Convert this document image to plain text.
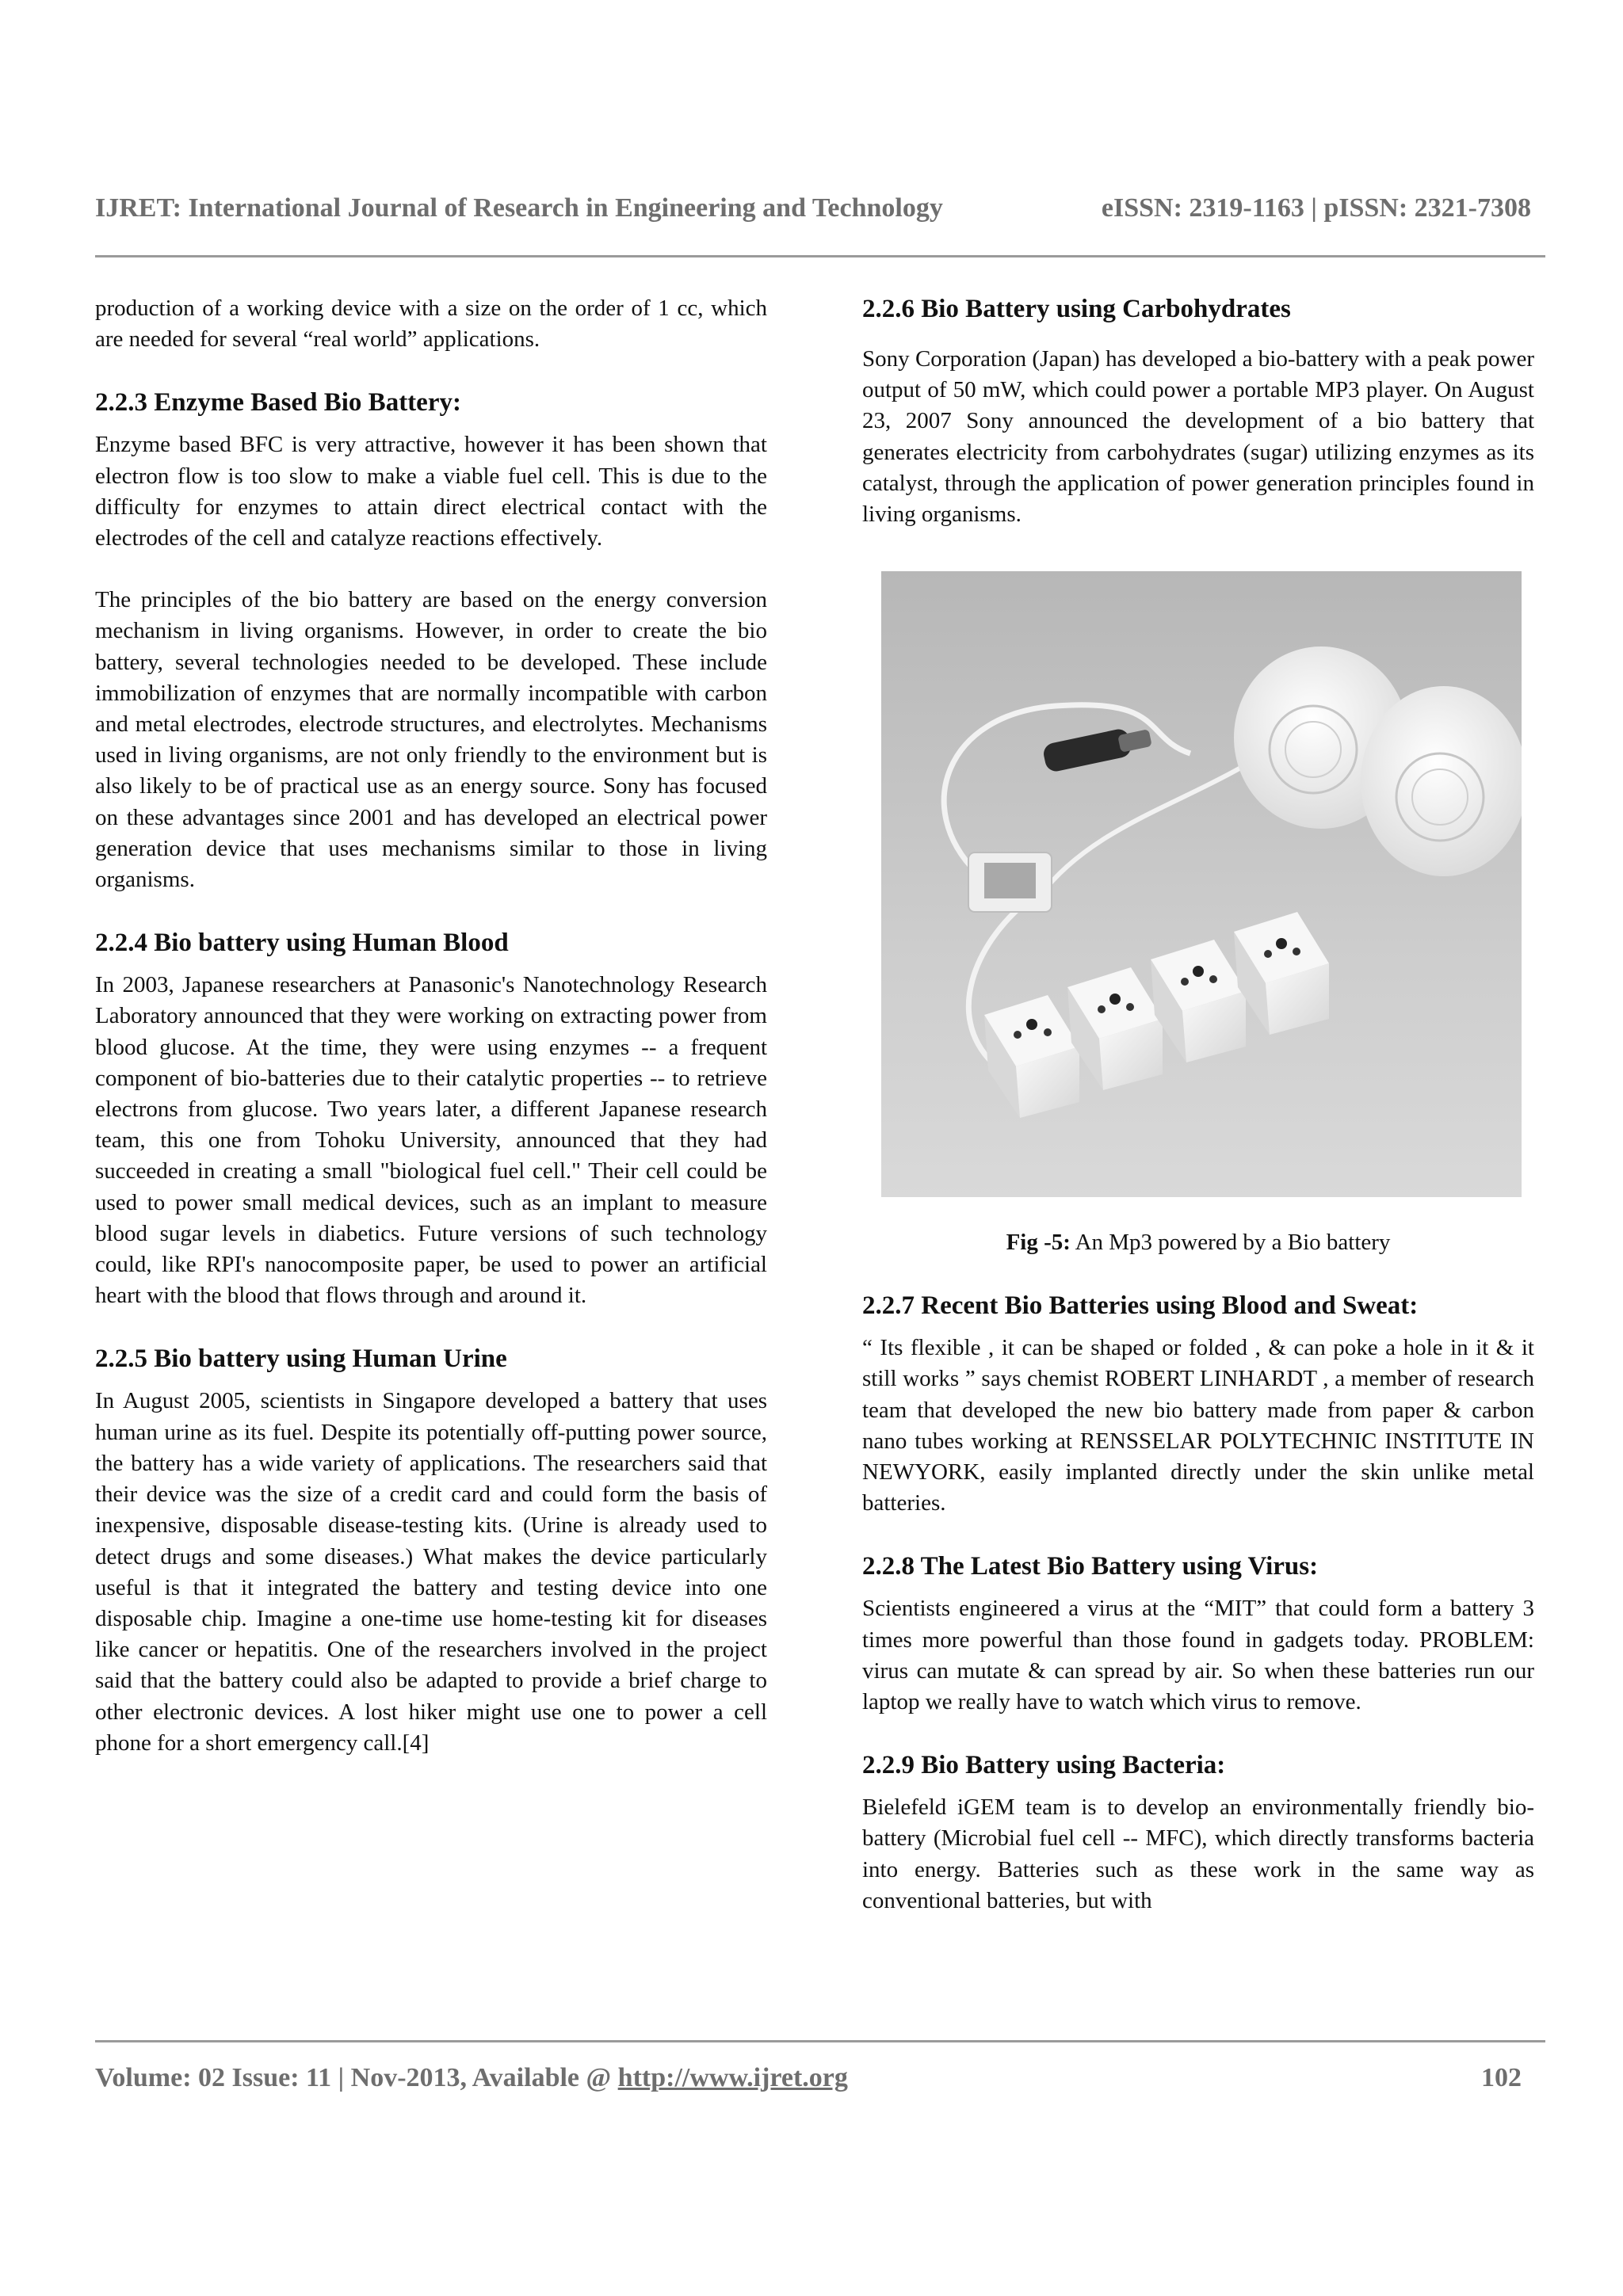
IJRET: International Journal of Research in Engineering and Technology	eISSN: 2319-1163 | pISSN: 2321-7308

production of a working device with a size on the order of 1 cc, which are needed for several “real world” applications.

2.2.3 Enzyme Based Bio Battery:

Enzyme based BFC is very attractive, however it has been shown that electron flow is too slow to make a viable fuel cell. This is due to the difficulty for enzymes to attain direct electrical contact with the electrodes of the cell and catalyze reactions effectively.

The principles of the bio battery are based on the energy conversion mechanism in living organisms. However, in order to create the bio battery, several technologies needed to be developed. These include immobilization of enzymes that are normally incompatible with carbon and metal electrodes, electrode structures, and electrolytes. Mechanisms used in living organisms, are not only friendly to the environment but is also likely to be of practical use as an energy source. Sony has focused on these advantages since 2001 and has developed an electrical power generation device that uses mechanisms similar to those in living organisms.

2.2.4 Bio battery using Human Blood

In 2003, Japanese researchers at Panasonic's Nanotechnology Research Laboratory announced that they were working on extracting power from blood glucose. At the time, they were using enzymes -- a frequent component of bio-batteries due to their catalytic properties -- to retrieve electrons from glucose. Two years later, a different Japanese research team, this one from Tohoku University, announced that they had succeeded in creating a small "biological fuel cell." Their cell could be used to power small medical devices, such as an implant to measure blood sugar levels in diabetics. Future versions of such technology could, like RPI's nanocomposite paper, be used to power an artificial heart with the blood that flows through and around it.

2.2.5 Bio battery using Human Urine

In August 2005, scientists in Singapore developed a battery that uses human urine as its fuel. Despite its potentially off-putting power source, the battery has a wide variety of applications. The researchers said that their device was the size of a credit card and could form the basis of inexpensive, disposable disease-testing kits. (Urine is already used to detect drugs and some diseases.) What makes the device particularly useful is that it integrated the battery and testing device into one disposable chip. Imagine a one-time use home-testing kit for diseases like cancer or hepatitis. One of the researchers involved in the project said that the battery could also be adapted to provide a brief charge to other electronic devices. A lost hiker might use one to power a cell phone for a short emergency call.[4]

2.2.6 Bio Battery using Carbohydrates

Sony Corporation (Japan) has developed a bio-battery with a peak power output of 50 mW, which could power a portable MP3 player. On August 23, 2007 Sony announced the development of a bio battery that generates electricity from carbohydrates (sugar) utilizing enzymes as its catalyst, through the application of power generation principles found in living organisms.

Fig -5: An Mp3 powered by a Bio battery

2.2.7 Recent Bio Batteries using Blood and Sweat:

“ Its flexible , it can be shaped or folded , & can poke a hole in it & it still works ” says chemist ROBERT LINHARDT , a member of research team that developed the new bio battery made from paper & carbon nano tubes working at RENSSELAR POLYTECHNIC INSTITUTE IN NEWYORK, easily implanted directly under the skin unlike metal batteries.

2.2.8 The Latest Bio Battery using Virus:

Scientists engineered a virus at the “MIT” that could form a battery 3 times more powerful than those found in gadgets today. PROBLEM: virus can mutate & can spread by air. So when these batteries run our laptop we really have to watch which virus to remove.

2.2.9 Bio Battery using Bacteria:

Bielefeld iGEM team is to develop an environmentally friendly bio-battery (Microbial fuel cell -- MFC), which directly transforms bacteria into energy. Batteries such as these work in the same way as conventional batteries, but with

Volume: 02 Issue: 11 | Nov-2013, Available @ http://www.ijret.org	102
